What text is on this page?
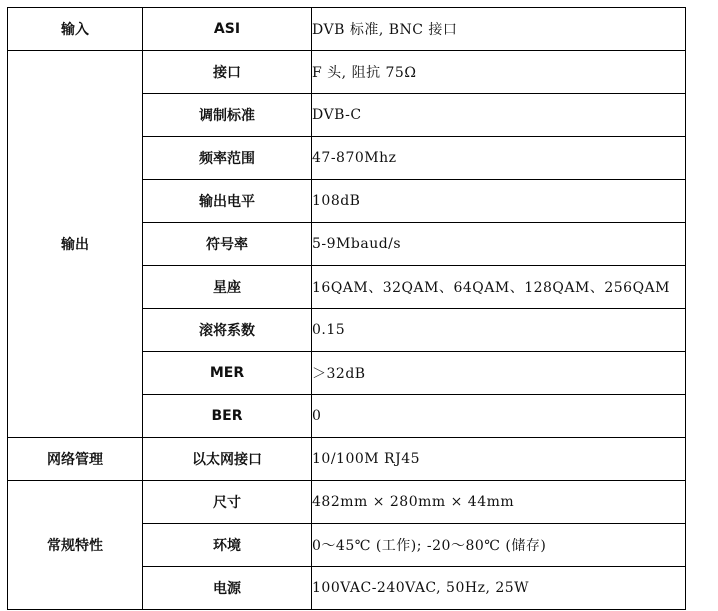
输入	ASI	DVB 标准, BNC 接口
输出	接口	F 头, 阻抗 75Ω
	调制标准	DVB-C
	频率范围	47-870Mhz
	输出电平	108dB
	符号率	5-9Mbaud/s
	星座	16QAM、32QAM、64QAM、128QAM、256QAM
	滚将系数	0.15
	MER	＞32dB
	BER	0
网络管理	以太网接口	10/100M RJ45
常规特性	尺寸	482mm × 280mm × 44mm
	环境	0～45℃ (工作); -20～80℃ (储存)
	电源	100VAC-240VAC, 50Hz, 25W
